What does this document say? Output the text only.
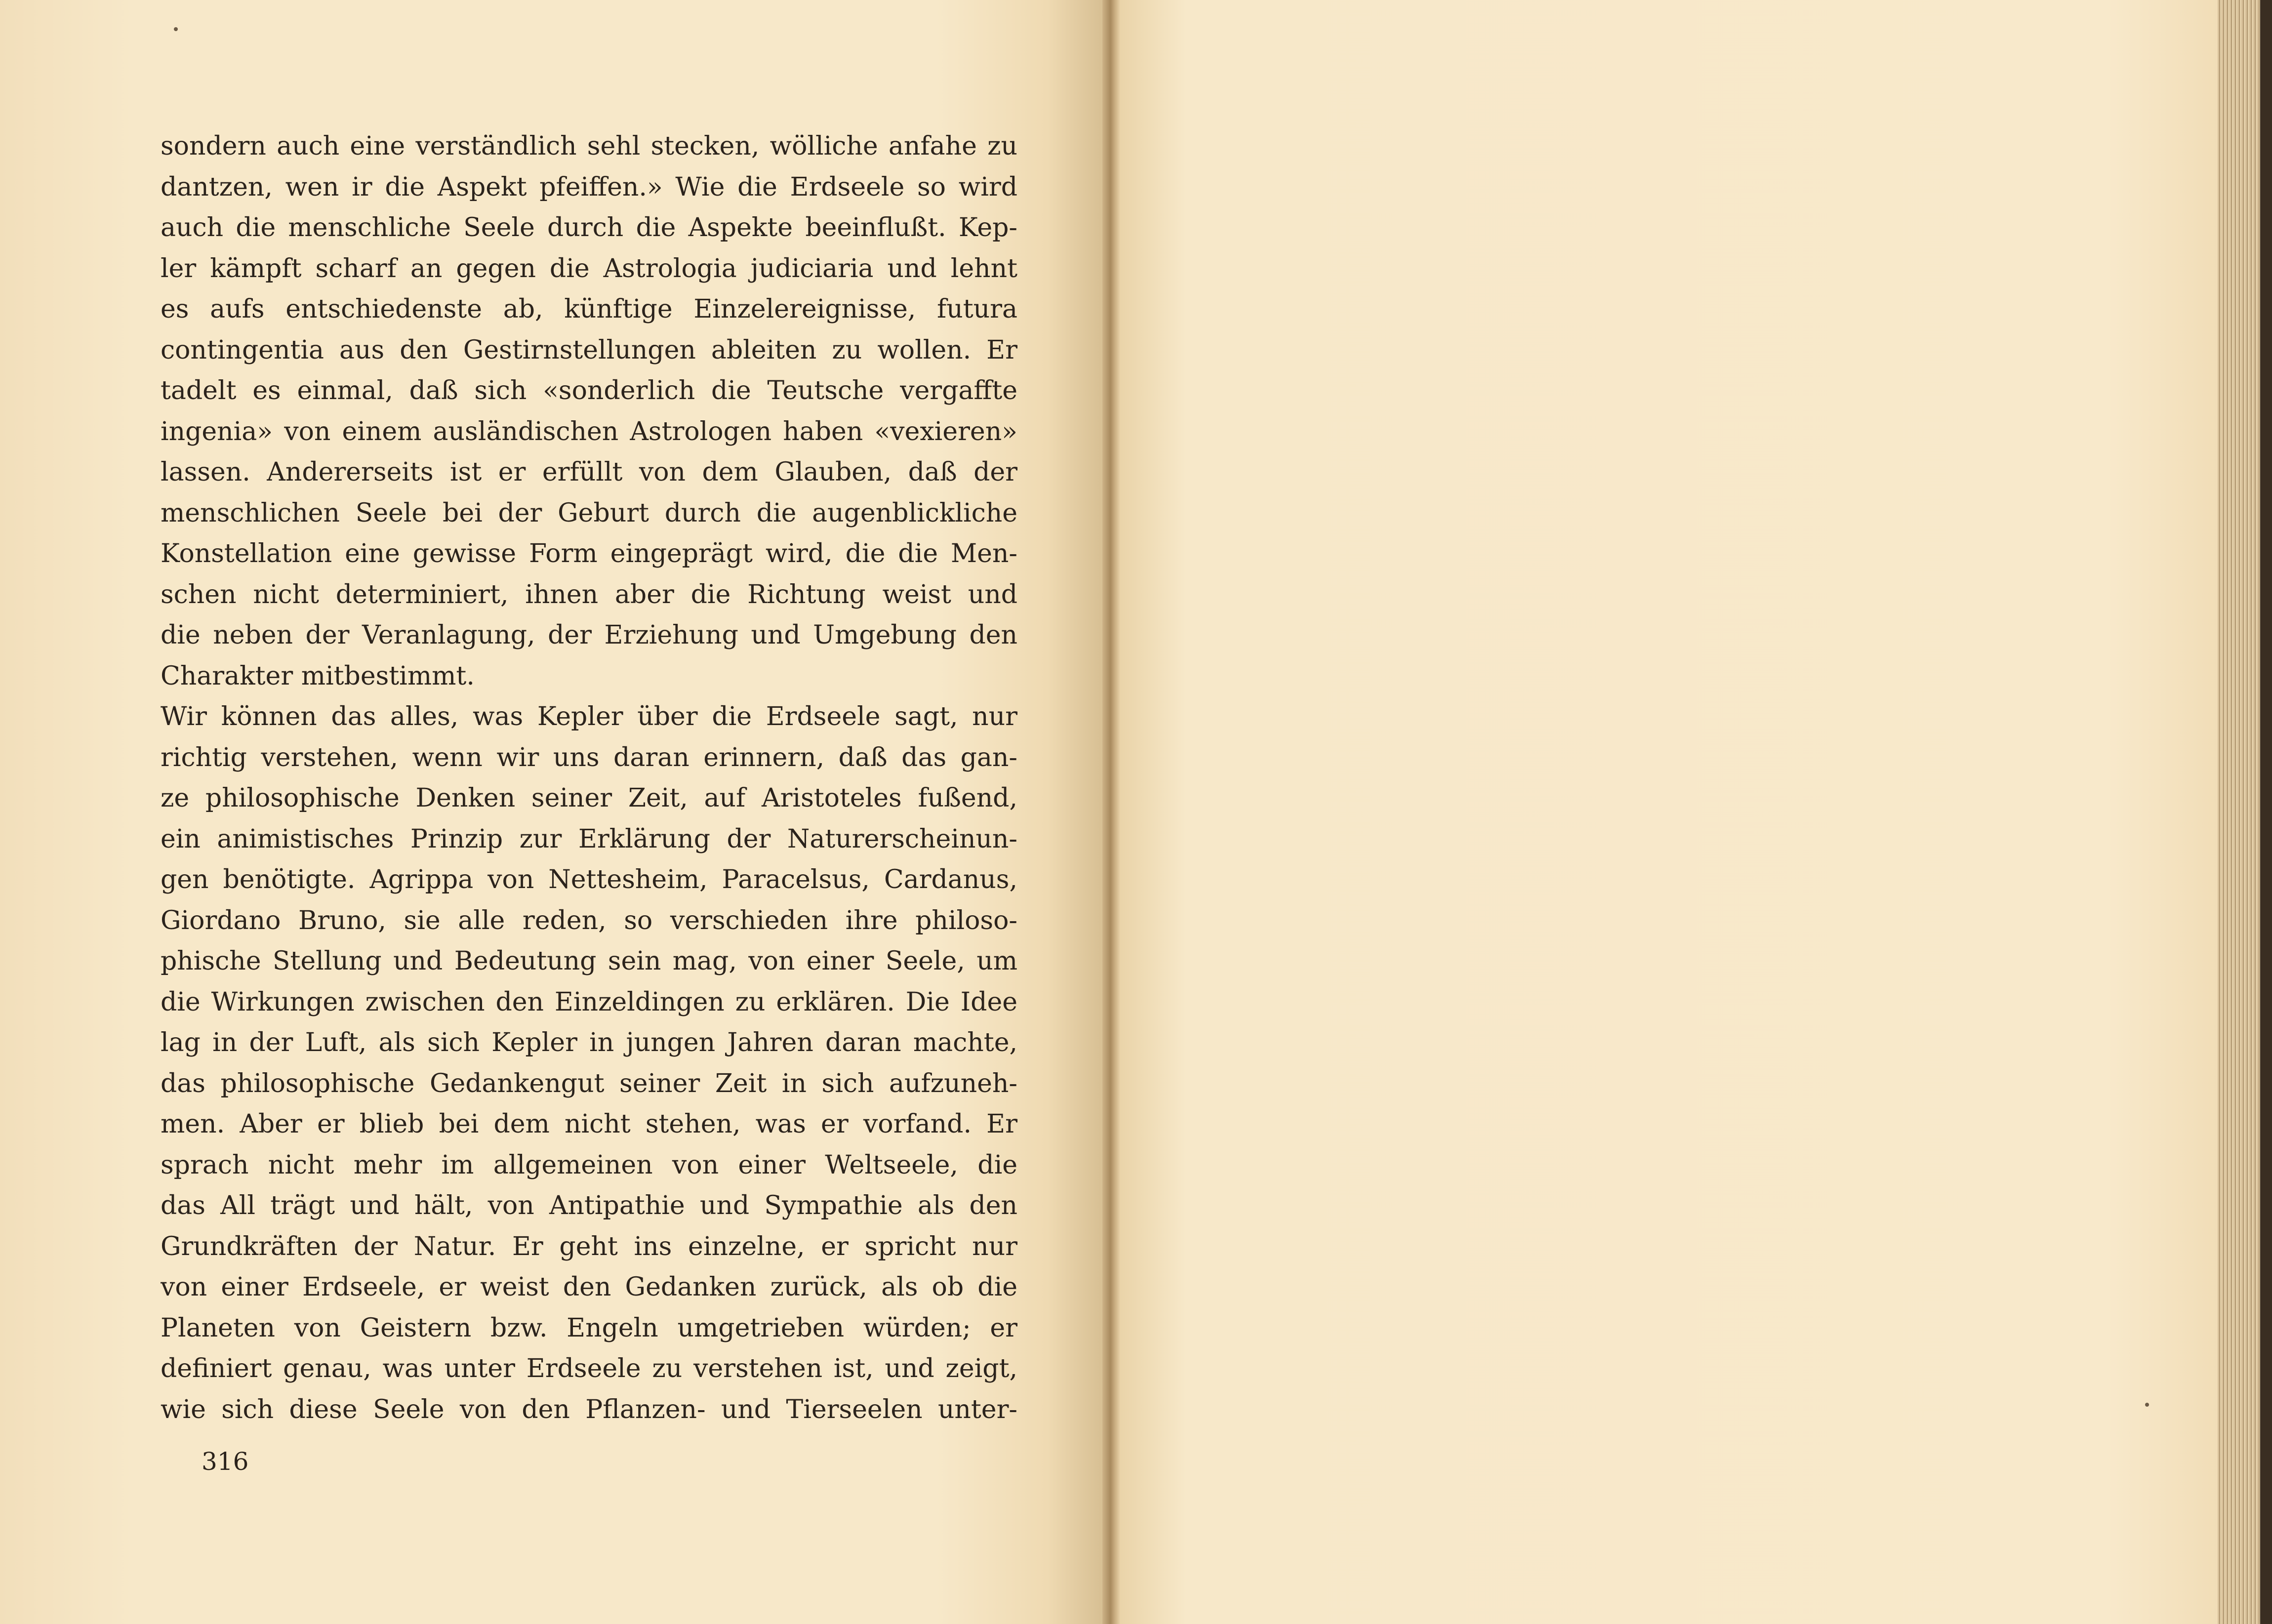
sondern auch eine verständlich sehl stecken, wölliche anfahe zu
dantzen, wen ir die Aspekt pfeiffen.» Wie die Erdseele so wird
auch die menschliche Seele durch die Aspekte beeinflußt. Kep-
ler kämpft scharf an gegen die Astrologia judiciaria und lehnt
es aufs entschiedenste ab, künftige Einzelereignisse, futura
contingentia aus den Gestirnstellungen ableiten zu wollen. Er
tadelt es einmal, daß sich «sonderlich die Teutsche vergaffte
ingenia» von einem ausländischen Astrologen haben «vexieren»
lassen. Andererseits ist er erfüllt von dem Glauben, daß der
menschlichen Seele bei der Geburt durch die augenblickliche
Konstellation eine gewisse Form eingeprägt wird, die die Men-
schen nicht determiniert, ihnen aber die Richtung weist und
die neben der Veranlagung, der Erziehung und Umgebung den
Charakter mitbestimmt.
Wir können das alles, was Kepler über die Erdseele sagt, nur
richtig verstehen, wenn wir uns daran erinnern, daß das gan-
ze philosophische Denken seiner Zeit, auf Aristoteles fußend,
ein animistisches Prinzip zur Erklärung der Naturerscheinun-
gen benötigte. Agrippa von Nettesheim, Paracelsus, Cardanus,
Giordano Bruno, sie alle reden, so verschieden ihre philoso-
phische Stellung und Bedeutung sein mag, von einer Seele, um
die Wirkungen zwischen den Einzeldingen zu erklären. Die Idee
lag in der Luft, als sich Kepler in jungen Jahren daran machte,
das philosophische Gedankengut seiner Zeit in sich aufzuneh-
men. Aber er blieb bei dem nicht stehen, was er vorfand. Er
sprach nicht mehr im allgemeinen von einer Weltseele, die
das All trägt und hält, von Antipathie und Sympathie als den
Grundkräften der Natur. Er geht ins einzelne, er spricht nur
von einer Erdseele, er weist den Gedanken zurück, als ob die
Planeten von Geistern bzw. Engeln umgetrieben würden; er
definiert genau, was unter Erdseele zu verstehen ist, und zeigt,
wie sich diese Seele von den Pflanzen- und Tierseelen unter-
316
